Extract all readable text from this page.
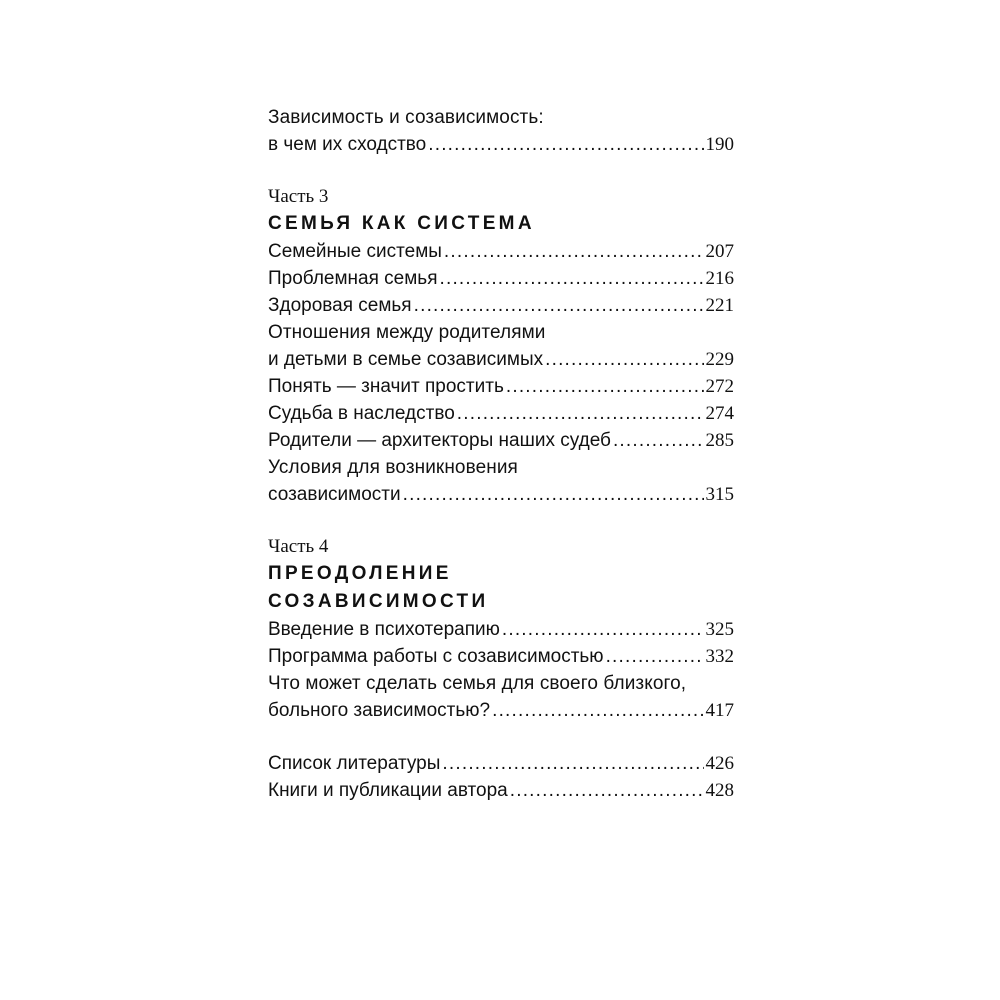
Зависимость и созависимость:
в чем их сходство .....	190
Часть 3
СЕМЬЯ КАК СИСТЕМА
Семейные системы .....	207
Проблемная семья .....	216
Здоровая семья .....	221
Отношения между родителями
и детьми в семье созависимых .....	229
Понять — значит простить .....	272
Судьба в наследство .....	274
Родители — архитекторы наших судеб .....	285
Условия для возникновения
созависимости .....	315
Часть 4
ПРЕОДОЛЕНИЕ
СОЗАВИСИМОСТИ
Введение в психотерапию .....	325
Программа работы с созависимостью .....	332
Что может сделать семья для своего близкого,
больного зависимостью? .....	417
Список литературы .....	426
Книги и публикации автора .....	428
